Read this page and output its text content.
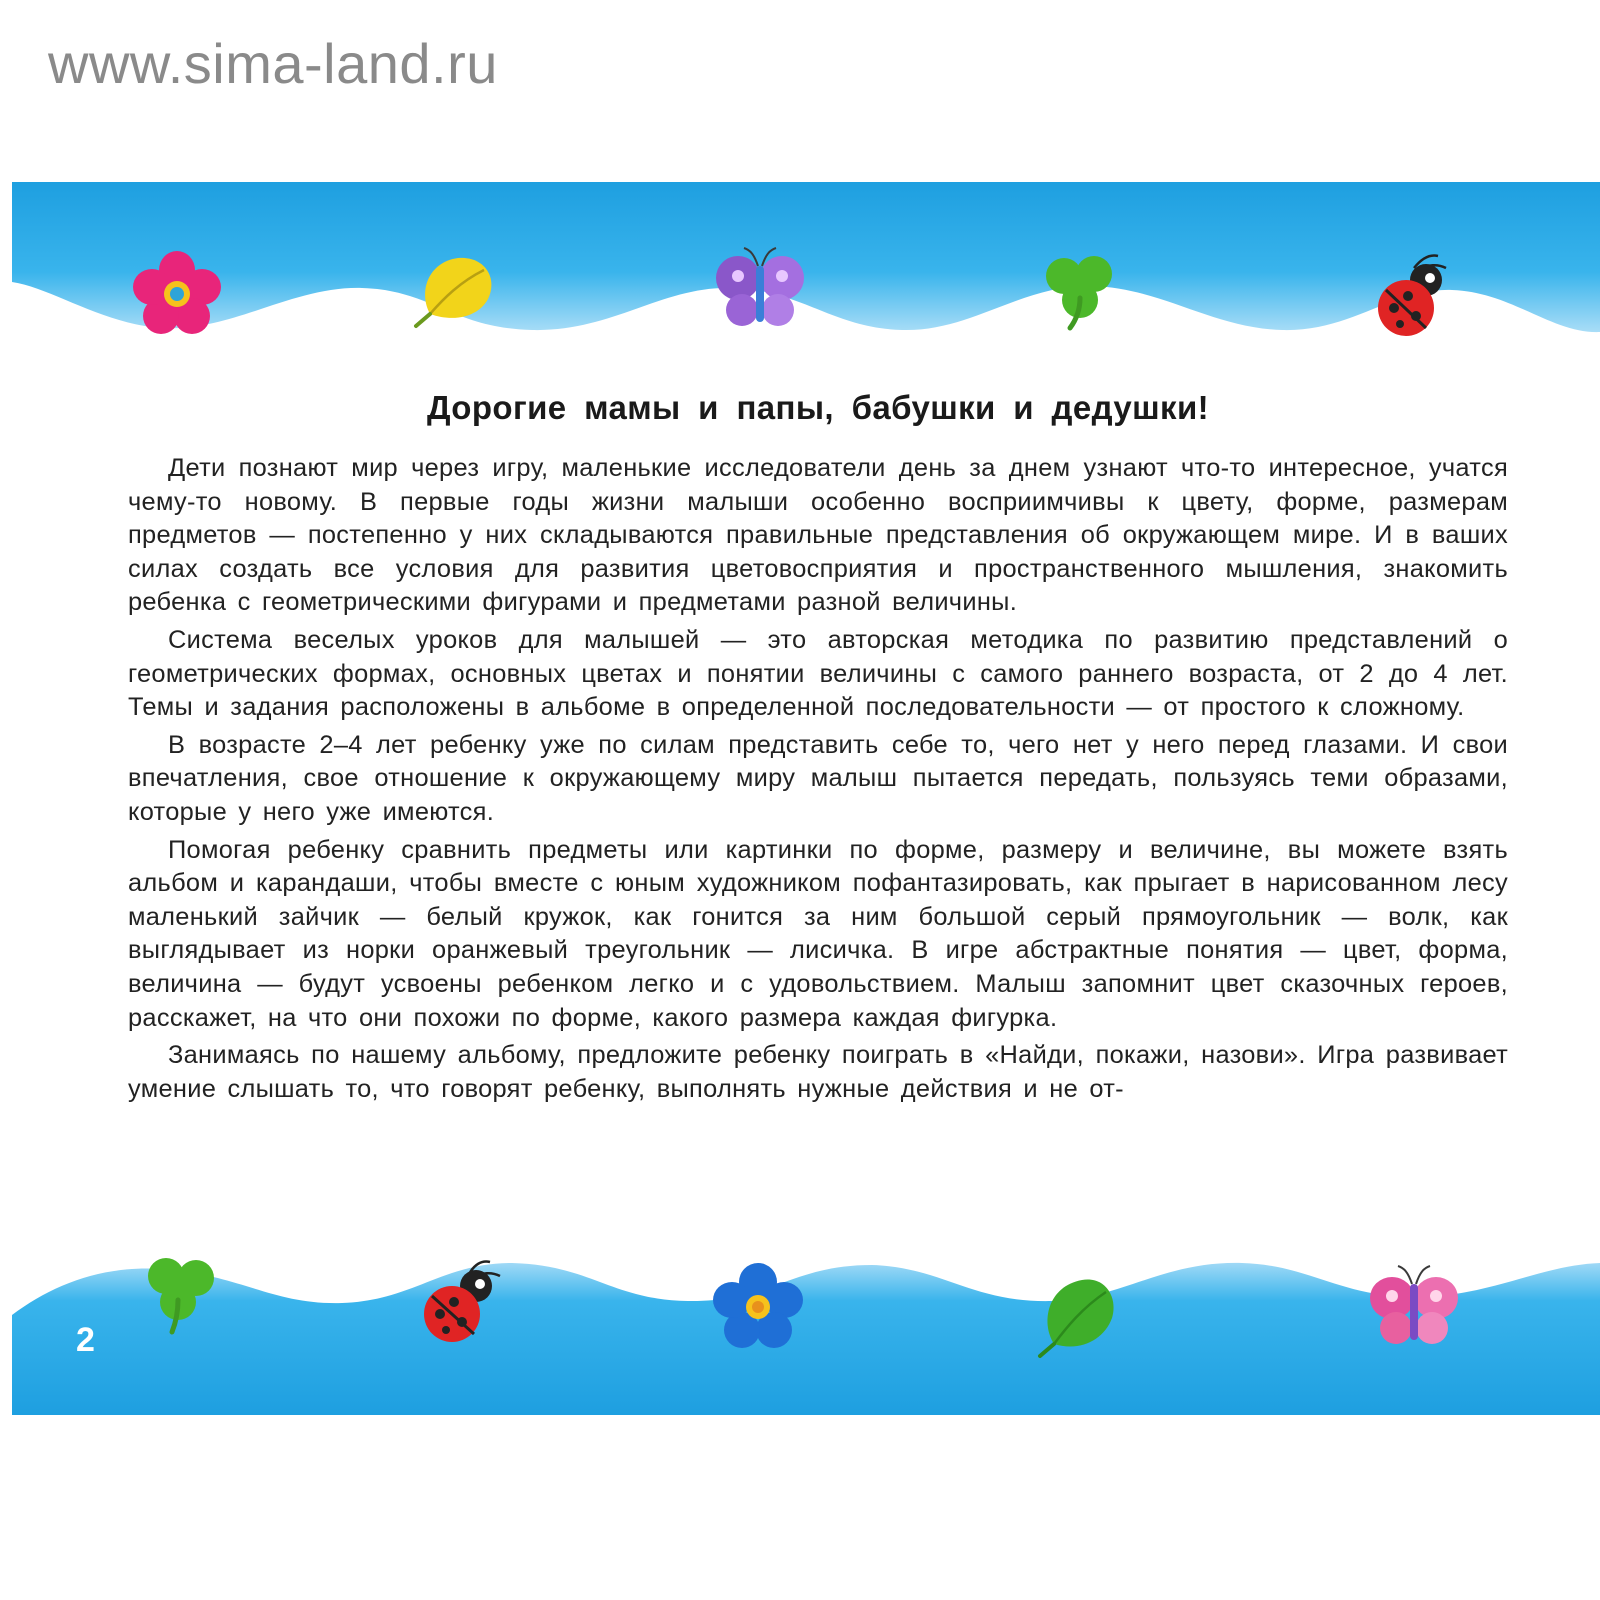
www.sima-land.ru
Дорогие мамы и папы, бабушки и дедушки!

Дети познают мир через игру, маленькие исследователи день за днем узнают что-то интересное, учатся чему-то новому. В первые годы жизни малыши особенно восприимчивы к цвету, форме, размерам предметов — постепенно у них складываются правильные представления об окружающем мире. И в ваших силах создать все условия для развития цветовосприятия и пространственного мышления, знакомить ребенка с геометрическими фигурами и предметами разной величины.

Система веселых уроков для малышей — это авторская методика по развитию представлений о геометрических формах, основных цветах и понятии величины с самого раннего возраста, от 2 до 4 лет. Темы и задания расположены в альбоме в определенной последовательности — от простого к сложному.

В возрасте 2–4 лет ребенку уже по силам представить себе то, чего нет у него перед глазами. И свои впечатления, свое отношение к окружающему миру малыш пытается передать, пользуясь теми образами, которые у него уже имеются.

Помогая ребенку сравнить предметы или картинки по форме, размеру и величине, вы можете взять альбом и карандаши, чтобы вместе с юным художником пофантазировать, как прыгает в нарисованном лесу маленький зайчик — белый кружок, как гонится за ним большой серый прямоугольник — волк, как выглядывает из норки оранжевый треугольник — лисичка. В игре абстрактные понятия — цвет, форма, величина — будут усвоены ребенком легко и с удовольствием. Малыш запомнит цвет сказочных героев, расскажет, на что они похожи по форме, какого размера каждая фигурка.

Занимаясь по нашему альбому, предложите ребенку поиграть в «Найди, покажи, назови». Игра развивает умение слышать то, что говорят ребенку, выполнять нужные действия и не от-

2
